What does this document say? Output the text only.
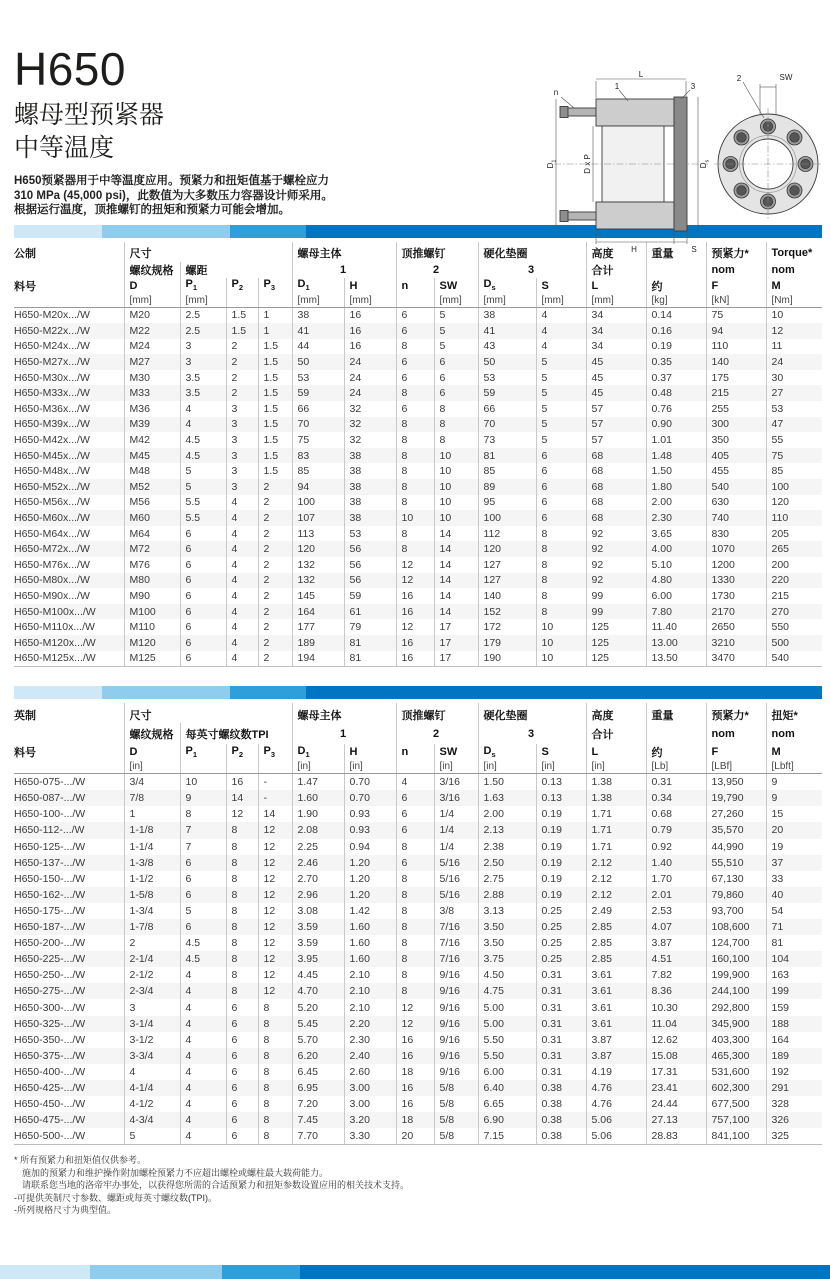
H650
螺母型预紧器
中等温度
H650预紧器用于中等温度应用。预紧力和扭矩值基于螺栓应力
310 MPa (45,000 psi)，此数值为大多数压力容器设计师采用。
根据运行温度，顶推螺钉的扭矩和预紧力可能会增加。
公制	尺寸				螺母主体		顶推螺钉		硬化垫圈		高度	重量	预紧力*	Torque*
	螺纹规格	螺距			1		2		3		合计		nom	nom
料号	D	$P_1$	$P_2$	$P_3$	$D_1$	H	n	SW	$D_s$	S	L	约	F	M
	[mm]	[mm]			[mm]	[mm]		[mm]	[mm]	[mm]	[mm]	[kg]	[kN]	[Nm]
H650-M20x.../W	M20	2.5	1.5	1	38	16	6	5	38	4	34	0.14	75	10
H650-M22x.../W	M22	2.5	1.5	1	41	16	6	5	41	4	34	0.16	94	12
H650-M24x.../W	M24	3	2	1.5	44	16	8	5	43	4	34	0.19	110	11
H650-M27x.../W	M27	3	2	1.5	50	24	6	6	50	5	45	0.35	140	24
H650-M30x.../W	M30	3.5	2	1.5	53	24	6	6	53	5	45	0.37	175	30
H650-M33x.../W	M33	3.5	2	1.5	59	24	8	6	59	5	45	0.48	215	27
H650-M36x.../W	M36	4	3	1.5	66	32	6	8	66	5	57	0.76	255	53
H650-M39x.../W	M39	4	3	1.5	70	32	8	8	70	5	57	0.90	300	47
H650-M42x.../W	M42	4.5	3	1.5	75	32	8	8	73	5	57	1.01	350	55
H650-M45x.../W	M45	4.5	3	1.5	83	38	8	10	81	6	68	1.48	405	75
H650-M48x.../W	M48	5	3	1.5	85	38	8	10	85	6	68	1.50	455	85
H650-M52x.../W	M52	5	3	2	94	38	8	10	89	6	68	1.80	540	100
H650-M56x.../W	M56	5.5	4	2	100	38	8	10	95	6	68	2.00	630	120
H650-M60x.../W	M60	5.5	4	2	107	38	10	10	100	6	68	2.30	740	110
H650-M64x.../W	M64	6	4	2	113	53	8	14	112	8	92	3.65	830	205
H650-M72x.../W	M72	6	4	2	120	56	8	14	120	8	92	4.00	1070	265
H650-M76x.../W	M76	6	4	2	132	56	12	14	127	8	92	5.10	1200	200
H650-M80x.../W	M80	6	4	2	132	56	12	14	127	8	92	4.80	1330	220
H650-M90x.../W	M90	6	4	2	145	59	16	14	140	8	99	6.00	1730	215
H650-M100x.../W	M100	6	4	2	164	61	16	14	152	8	99	7.80	2170	270
H650-M110x.../W	M110	6	4	2	177	79	12	17	172	10	125	11.40	2650	550
H650-M120x.../W	M120	6	4	2	189	81	16	17	179	10	125	13.00	3210	500
H650-M125x.../W	M125	6	4	2	194	81	16	17	190	10	125	13.50	3470	540
英制	尺寸				螺母主体		顶推螺钉		硬化垫圈		高度	重量	预紧力*	扭矩*
	螺纹规格	每英寸螺纹数TPI			1		2		3		合计		nom	nom
料号	D	$P_1$	$P_2$	$P_3$	$D_1$	H	n	SW	$D_s$	S	L	约	F	M
	[in]				[in]	[in]		[in]	[in]	[in]	[in]	[Lb]	[LBf]	[Lbft]
H650-075-.../W	3/4	10	16	-	1.47	0.70	4	3/16	1.50	0.13	1.38	0.31	13,950	9
H650-087-.../W	7/8	9	14	-	1.60	0.70	6	3/16	1.63	0.13	1.38	0.34	19,790	9
H650-100-.../W	1	8	12	14	1.90	0.93	6	1/4	2.00	0.19	1.71	0.68	27,260	15
H650-112-.../W	1-1/8	7	8	12	2.08	0.93	6	1/4	2.13	0.19	1.71	0.79	35,570	20
H650-125-.../W	1-1/4	7	8	12	2.25	0.94	8	1/4	2.38	0.19	1.71	0.92	44,990	19
H650-137-.../W	1-3/8	6	8	12	2.46	1.20	6	5/16	2.50	0.19	2.12	1.40	55,510	37
H650-150-.../W	1-1/2	6	8	12	2.70	1.20	8	5/16	2.75	0.19	2.12	1.70	67,130	33
H650-162-.../W	1-5/8	6	8	12	2.96	1.20	8	5/16	2.88	0.19	2.12	2.01	79,860	40
H650-175-.../W	1-3/4	5	8	12	3.08	1.42	8	3/8	3.13	0.25	2.49	2.53	93,700	54
H650-187-.../W	1-7/8	6	8	12	3.59	1.60	8	7/16	3.50	0.25	2.85	4.07	108,600	71
H650-200-.../W	2	4.5	8	12	3.59	1.60	8	7/16	3.50	0.25	2.85	3.87	124,700	81
H650-225-.../W	2-1/4	4.5	8	12	3.95	1.60	8	7/16	3.75	0.25	2.85	4.51	160,100	104
H650-250-.../W	2-1/2	4	8	12	4.45	2.10	8	9/16	4.50	0.31	3.61	7.82	199,900	163
H650-275-.../W	2-3/4	4	8	12	4.70	2.10	8	9/16	4.75	0.31	3.61	8.36	244,100	199
H650-300-.../W	3	4	6	8	5.20	2.10	12	9/16	5.00	0.31	3.61	10.30	292,800	159
H650-325-.../W	3-1/4	4	6	8	5.45	2.20	12	9/16	5.00	0.31	3.61	11.04	345,900	188
H650-350-.../W	3-1/2	4	6	8	5.70	2.30	16	9/16	5.50	0.31	3.87	12.62	403,300	164
H650-375-.../W	3-3/4	4	6	8	6.20	2.40	16	9/16	5.50	0.31	3.87	15.08	465,300	189
H650-400-.../W	4	4	6	8	6.45	2.60	18	9/16	6.00	0.31	4.19	17.31	531,600	192
H650-425-.../W	4-1/4	4	6	8	6.95	3.00	16	5/8	6.40	0.38	4.76	23.41	602,300	291
H650-450-.../W	4-1/2	4	6	8	7.20	3.00	16	5/8	6.65	0.38	4.76	24.44	677,500	328
H650-475-.../W	4-3/4	4	6	8	7.45	3.20	18	5/8	6.90	0.38	5.06	27.13	757,100	326
H650-500-.../W	5	4	6	8	7.70	3.30	20	5/8	7.15	0.38	5.06	28.83	841,100	325
* 所有预紧力和扭矩值仅供参考。
施加的预紧力和维护操作附加螺栓预紧力不应超出螺栓或螺柱最大载荷能力。
请联系您当地的洛帝牢办事处，以获得您所需的合适预紧力和扭矩参数设置应用的相关技术支持。
-可提供英制尺寸参数、螺距或每英寸螺纹数(TPI)。
-所列规格尺寸为典型值。
L
n
1	3
2	SW
$D_1$	D x P	$D_s$
H	S
